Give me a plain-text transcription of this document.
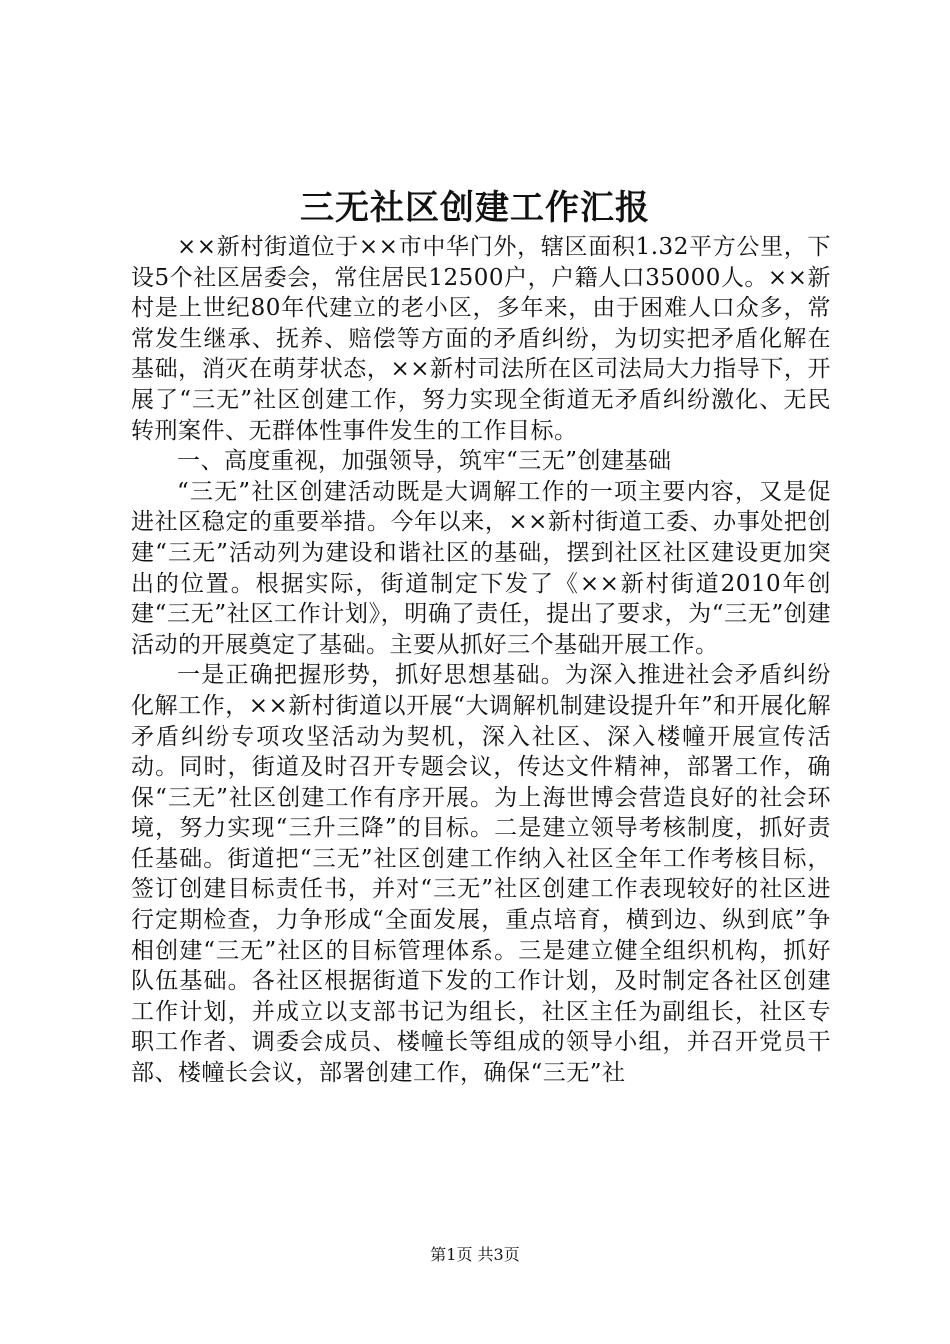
三无社区创建工作汇报

××新村街道位于××市中华门外，辖区面积1.32平方公里，下设5个社区居委会，常住居民12500户，户籍人口35000人。××新村是上世纪80年代建立的老小区，多年来，由于困难人口众多，常常发生继承、抚养、赔偿等方面的矛盾纠纷，为切实把矛盾化解在基础，消灭在萌芽状态，××新村司法所在区司法局大力指导下，开展了“三无”社区创建工作，努力实现全街道无矛盾纠纷激化、无民转刑案件、无群体性事件发生的工作目标。

一、高度重视，加强领导，筑牢“三无”创建基础

“三无”社区创建活动既是大调解工作的一项主要内容，又是促进社区稳定的重要举措。今年以来，××新村街道工委、办事处把创建“三无”活动列为建设和谐社区的基础，摆到社区社区建设更加突出的位置。根据实际，街道制定下发了《××新村街道2010年创建“三无”社区工作计划》，明确了责任，提出了要求，为“三无”创建活动的开展奠定了基础。主要从抓好三个基础开展工作。

一是正确把握形势，抓好思想基础。为深入推进社会矛盾纠纷化解工作，××新村街道以开展“大调解机制建设提升年”和开展化解矛盾纠纷专项攻坚活动为契机，深入社区、深入楼幢开展宣传活动。同时，街道及时召开专题会议，传达文件精神，部署工作，确保“三无”社区创建工作有序开展。为上海世博会营造良好的社会环境，努力实现“三升三降”的目标。二是建立领导考核制度，抓好责任基础。街道把“三无”社区创建工作纳入社区全年工作考核目标，签订创建目标责任书，并对“三无”社区创建工作表现较好的社区进行定期检查，力争形成“全面发展，重点培育，横到边、纵到底”争相创建“三无”社区的目标管理体系。三是建立健全组织机构，抓好队伍基础。各社区根据街道下发的工作计划，及时制定各社区创建工作计划，并成立以支部书记为组长，社区主任为副组长，社区专职工作者、调委会成员、楼幢长等组成的领导小组，并召开党员干部、楼幢长会议，部署创建工作，确保“三无”社

第1页 共3页
